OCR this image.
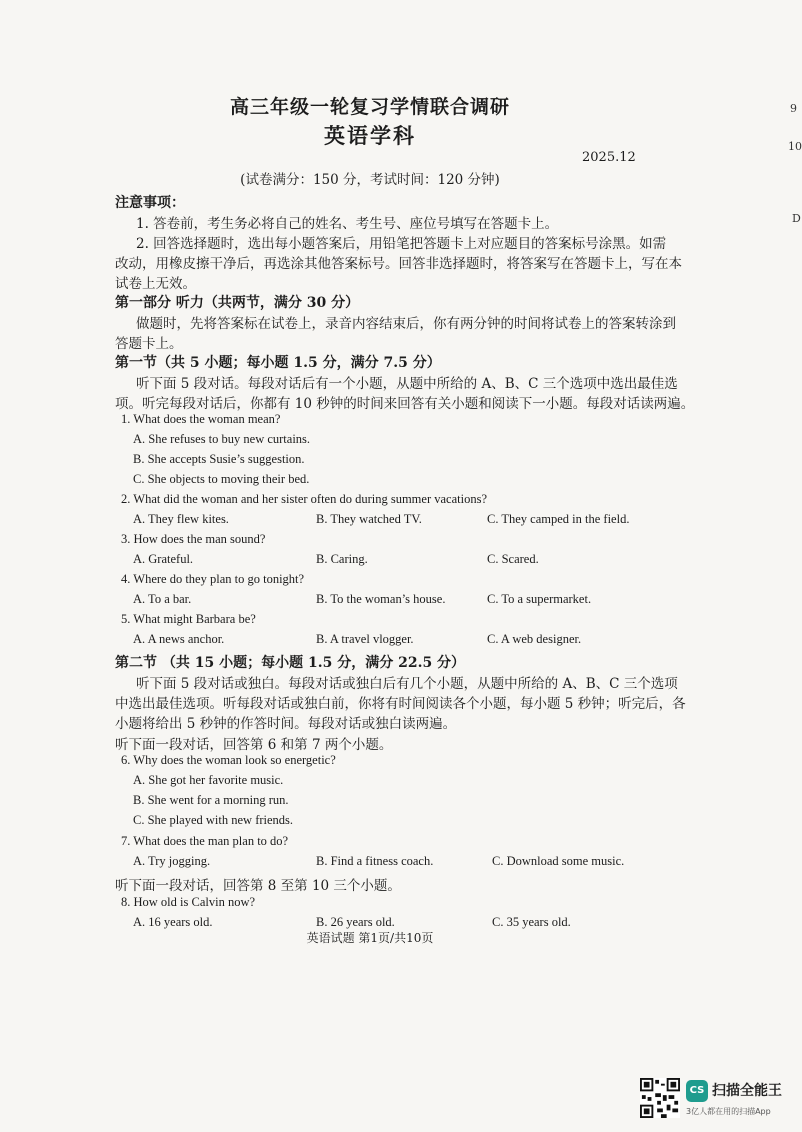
高三年级一轮复习学情联合调研
英语学科
2025.12
(试卷满分：150 分，考试时间：120 分钟)
注意事项：
1. 答卷前，考生务必将自己的姓名、考生号、座位号填写在答题卡上。
2. 回答选择题时，选出每小题答案后，用铅笔把答题卡上对应题目的答案标号涂黑。如需
改动，用橡皮擦干净后，再选涂其他答案标号。回答非选择题时，将答案写在答题卡上，写在本
试卷上无效。
第一部分 听力（共两节，满分 30 分）
做题时，先将答案标在试卷上，录音内容结束后，你有两分钟的时间将试卷上的答案转涂到
答题卡上。
第一节（共 5 小题；每小题 1.5 分，满分 7.5 分）
听下面 5 段对话。每段对话后有一个小题，从题中所给的 A、B、C 三个选项中选出最佳选
项。听完每段对话后，你都有 10 秒钟的时间来回答有关小题和阅读下一小题。每段对话读两遍。
1. What does the woman mean?
A. She refuses to buy new curtains.
B. She accepts Susie’s suggestion.
C. She objects to moving their bed.
2. What did the woman and her sister often do during summer vacations?
A. They flew kites.	B. They watched TV.	C. They camped in the field.
3. How does the man sound?
A. Grateful.	B. Caring.	C. Scared.
4. Where do they plan to go tonight?
A. To a bar.	B. To the woman’s house.	C. To a supermarket.
5. What might Barbara be?
A. A news anchor.	B. A travel vlogger.	C. A web designer.
第二节 （共 15 小题；每小题 1.5 分，满分 22.5 分）
听下面 5 段对话或独白。每段对话或独白后有几个小题，从题中所给的 A、B、C 三个选项
中选出最佳选项。听每段对话或独白前，你将有时间阅读各个小题，每小题 5 秒钟；听完后，各
小题将给出 5 秒钟的作答时间。每段对话或独白读两遍。
听下面一段对话，回答第 6 和第 7 两个小题。
6. Why does the woman look so energetic?
A. She got her favorite music.
B. She went for a morning run.
C. She played with new friends.
7. What does the man plan to do?
A. Try jogging.	B. Find a fitness coach.	C. Download some music.
听下面一段对话，回答第 8 至第 10 三个小题。
8. How old is Calvin now?
A. 16 years old.	B. 26 years old.	C. 35 years old.
英语试题 第1页/共10页
9
10
D
CS 扫描全能王
3亿人都在用的扫描App
